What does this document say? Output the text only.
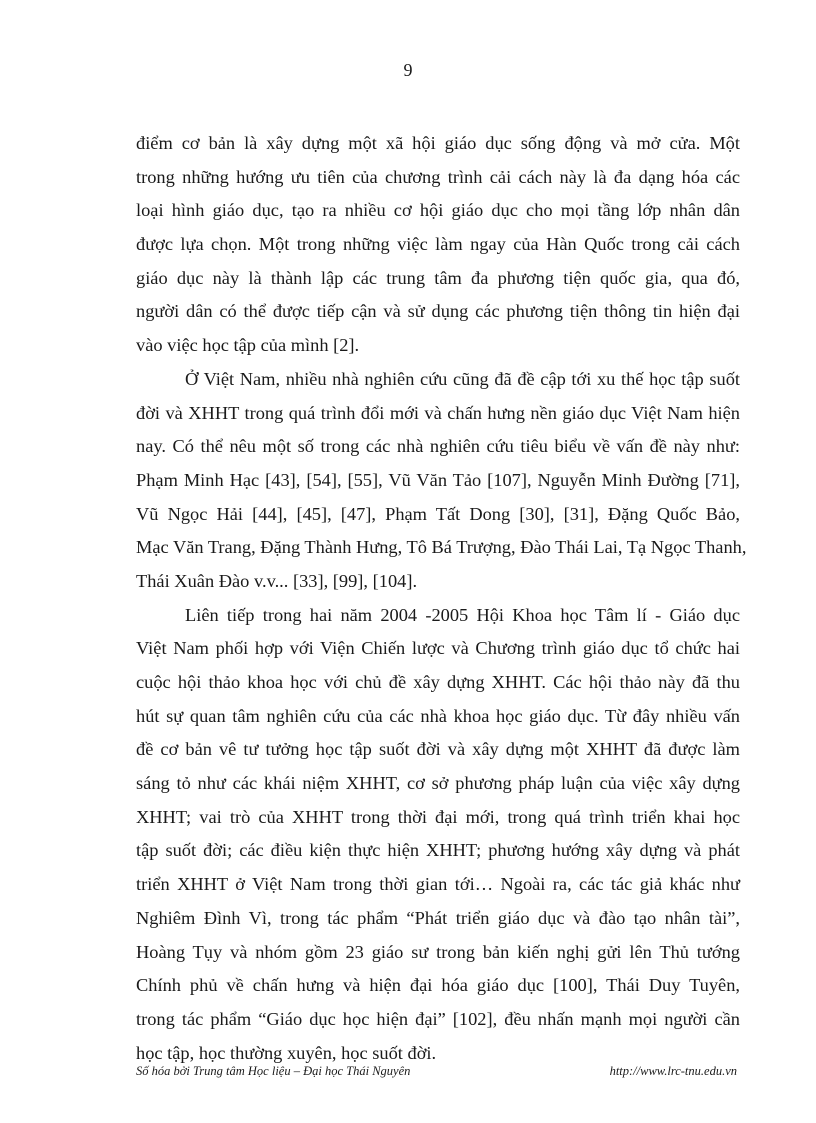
9
điểm cơ bản là xây dựng một xã hội giáo dục sống động và mở cửa. Một
trong những hướng ưu tiên của chương trình cải cách này là đa dạng hóa các
loại hình giáo dục, tạo ra nhiều cơ hội giáo dục cho mọi tầng lớp nhân dân
được lựa chọn. Một trong những việc làm ngay của Hàn Quốc trong cải cách
giáo dục này là thành lập các trung tâm đa phương tiện quốc gia, qua đó,
người dân có thể được tiếp cận và sử dụng các phương tiện thông tin hiện đại
vào việc học tập của mình [2].
Ở Việt Nam, nhiều nhà nghiên cứu cũng đã đề cập tới xu thế học tập suốt
đời và XHHT trong quá trình đổi mới và chấn hưng nền giáo dục Việt Nam hiện
nay. Có thể nêu một số trong các nhà nghiên cứu tiêu biểu về vấn đề này như:
Phạm Minh Hạc [43], [54], [55], Vũ Văn Tảo [107], Nguyễn Minh Đường [71],
Vũ Ngọc Hải [44], [45], [47], Phạm Tất Dong [30], [31], Đặng Quốc Bảo,
Mạc Văn Trang, Đặng Thành Hưng, Tô Bá Trượng, Đào Thái Lai, Tạ Ngọc Thanh,
Thái Xuân Đào v.v... [33], [99], [104].
Liên tiếp trong hai năm 2004 -2005 Hội Khoa học Tâm lí - Giáo dục
Việt Nam phối hợp với Viện Chiến lược và Chương trình giáo dục tổ chức hai
cuộc hội thảo khoa học với chủ đề xây dựng XHHT. Các hội thảo này đã thu
hút sự quan tâm nghiên cứu của các nhà khoa học giáo dục. Từ đây nhiều vấn
đề cơ bản vê tư tưởng học tập suốt đời và xây dựng một XHHT đã được làm
sáng tỏ như các khái niệm XHHT, cơ sở phương pháp luận của việc xây dựng
XHHT; vai trò của XHHT trong thời đại mới, trong quá trình triển khai học
tập suốt đời; các điều kiện thực hiện XHHT; phương hướng xây dựng và phát
triển XHHT ở Việt Nam trong thời gian tới… Ngoài ra, các tác giả khác như
Nghiêm Đình Vì, trong tác phẩm “Phát triển giáo dục và đào tạo nhân tài”,
Hoàng Tụy và nhóm gồm 23 giáo sư trong bản kiến nghị gửi lên Thủ tướng
Chính phủ về chấn hưng và hiện đại hóa giáo dục [100], Thái Duy Tuyên,
trong tác phẩm “Giáo dục học hiện đại” [102], đều nhấn mạnh mọi người cần
học tập, học thường xuyên, học suốt đời.
Số hóa bởi Trung tâm Học liệu – Đại học Thái Nguyên	http://www.lrc-tnu.edu.vn
